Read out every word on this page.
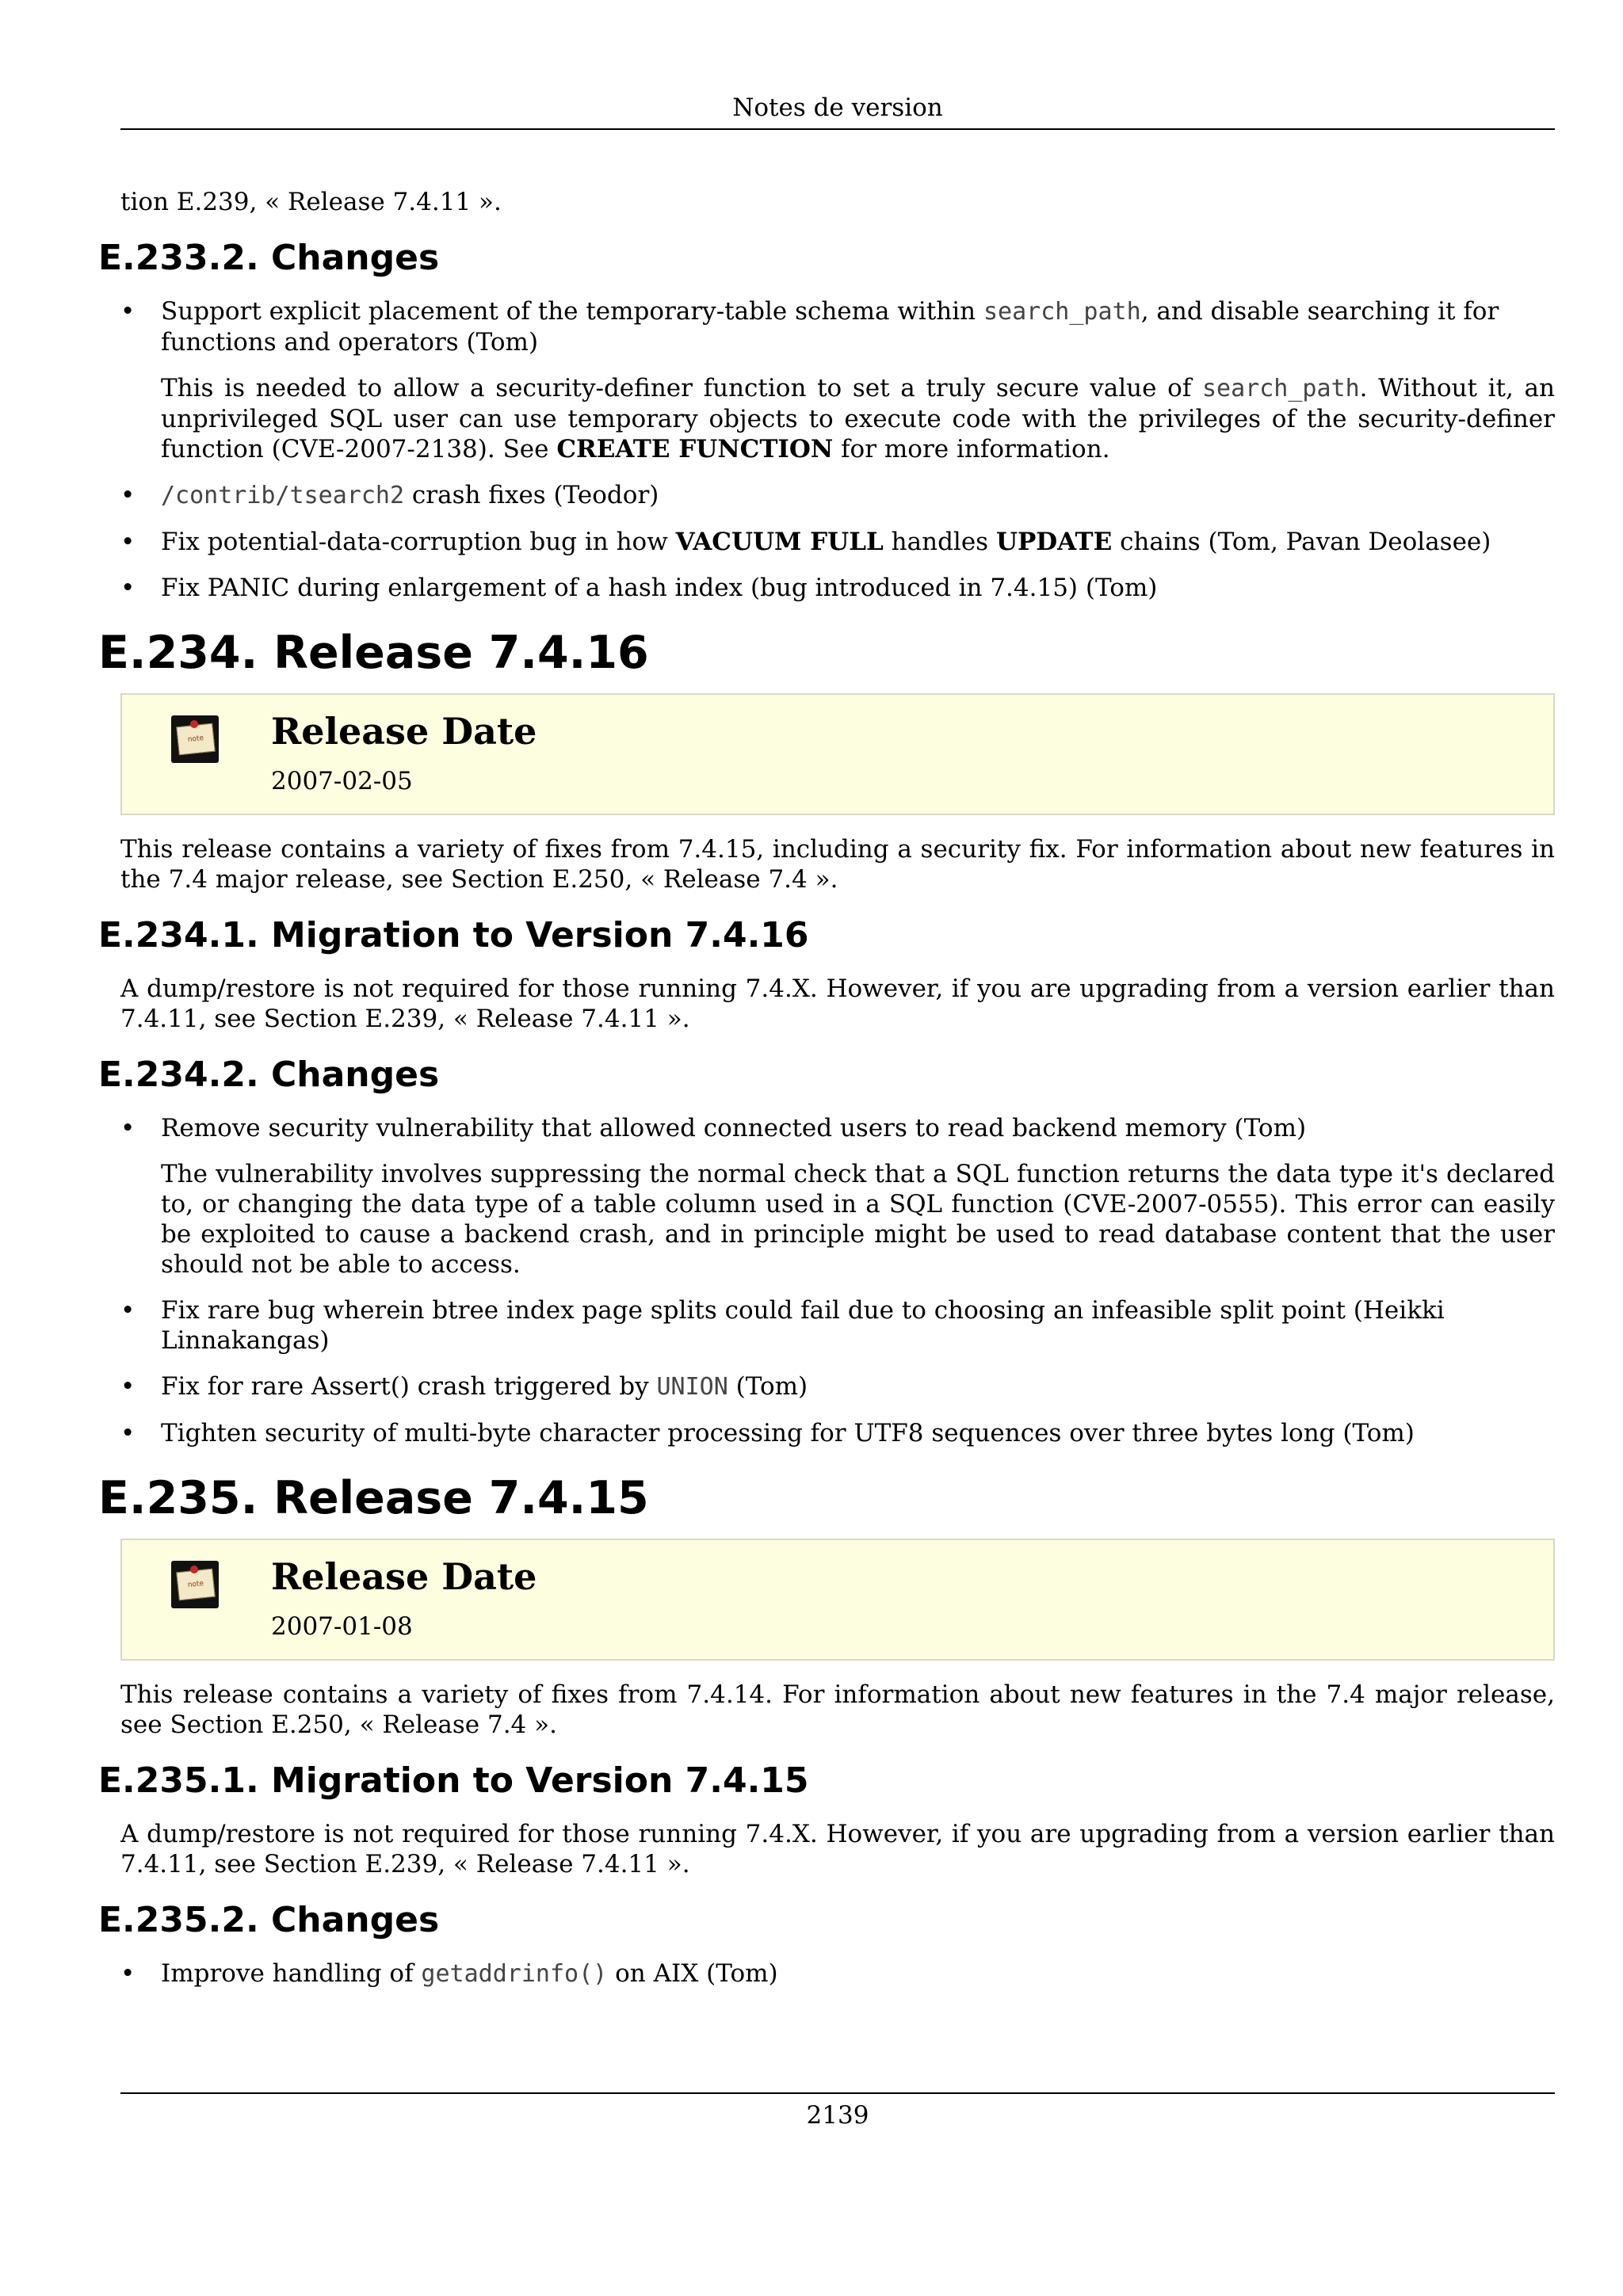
Notes de version

tion E.239, « Release 7.4.11 ».

E.233.2. Changes
• Support explicit placement of the temporary-table schema within search_path, and disable searching it for functions and operators (Tom)
This is needed to allow a security-definer function to set a truly secure value of search_path. Without it, an unprivileged SQL user can use temporary objects to execute code with the privileges of the security-definer function (CVE-2007-2138). See CREATE FUNCTION for more information.
• /contrib/tsearch2 crash fixes (Teodor)
• Fix potential-data-corruption bug in how VACUUM FULL handles UPDATE chains (Tom, Pavan Deolasee)
• Fix PANIC during enlargement of a hash index (bug introduced in 7.4.15) (Tom)
E.234. Release 7.4.16
note	Release Date
2007-02-05

This release contains a variety of fixes from 7.4.15, including a security fix. For information about new features in the 7.4 major release, see Section E.250, « Release 7.4 ».

E.234.1. Migration to Version 7.4.16

A dump/restore is not required for those running 7.4.X. However, if you are upgrading from a version earlier than 7.4.11, see Section E.239, « Release 7.4.11 ».

E.234.2. Changes
• Remove security vulnerability that allowed connected users to read backend memory (Tom)
The vulnerability involves suppressing the normal check that a SQL function returns the data type it's declared to, or changing the data type of a table column used in a SQL function (CVE-2007-0555). This error can easily be exploited to cause a backend crash, and in principle might be used to read database content that the user should not be able to access.
• Fix rare bug wherein btree index page splits could fail due to choosing an infeasible split point (Heikki Linnakangas)
• Fix for rare Assert() crash triggered by UNION (Tom)
• Tighten security of multi-byte character processing for UTF8 sequences over three bytes long (Tom)
E.235. Release 7.4.15
note	Release Date
2007-01-08

This release contains a variety of fixes from 7.4.14. For information about new features in the 7.4 major release, see Section E.250, « Release 7.4 ».

E.235.1. Migration to Version 7.4.15

A dump/restore is not required for those running 7.4.X. However, if you are upgrading from a version earlier than 7.4.11, see Section E.239, « Release 7.4.11 ».

E.235.2. Changes
• Improve handling of getaddrinfo() on AIX (Tom)
2139
